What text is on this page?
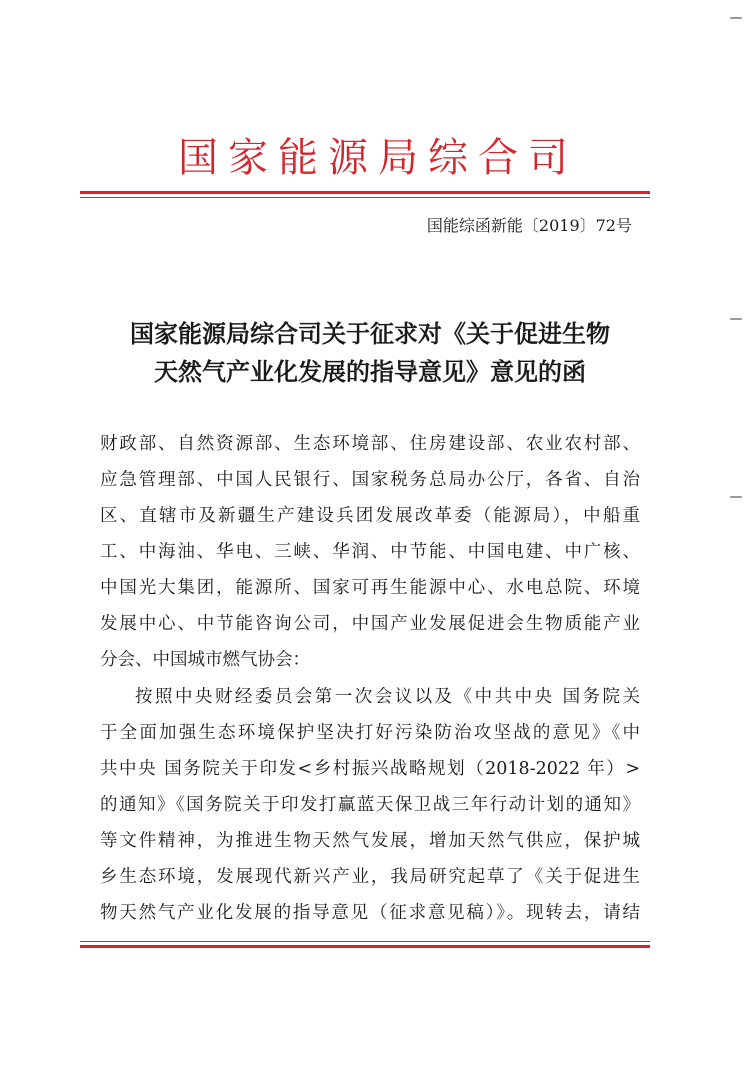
国家能源局综合司
国能综函新能〔2019〕72号
国家能源局综合司关于征求对《关于促进生物
天然气产业化发展的指导意见》意见的函
财政部、自然资源部、生态环境部、住房建设部、农业农村部、
应急管理部、中国人民银行、国家税务总局办公厅，各省、自治
区、直辖市及新疆生产建设兵团发展改革委（能源局），中船重
工、中海油、华电、三峡、华润、中节能、中国电建、中广核、
中国光大集团，能源所、国家可再生能源中心、水电总院、环境
发展中心、中节能咨询公司，中国产业发展促进会生物质能产业
分会、中国城市燃气协会：
按照中央财经委员会第一次会议以及《中共中央 国务院关
于全面加强生态环境保护坚决打好污染防治攻坚战的意见》《中
共中央 国务院关于印发<乡村振兴战略规划（2018-2022 年）>
的通知》《国务院关于印发打赢蓝天保卫战三年行动计划的通知》
等文件精神，为推进生物天然气发展，增加天然气供应，保护城
乡生态环境，发展现代新兴产业，我局研究起草了《关于促进生
物天然气产业化发展的指导意见（征求意见稿）》。现转去，请结
